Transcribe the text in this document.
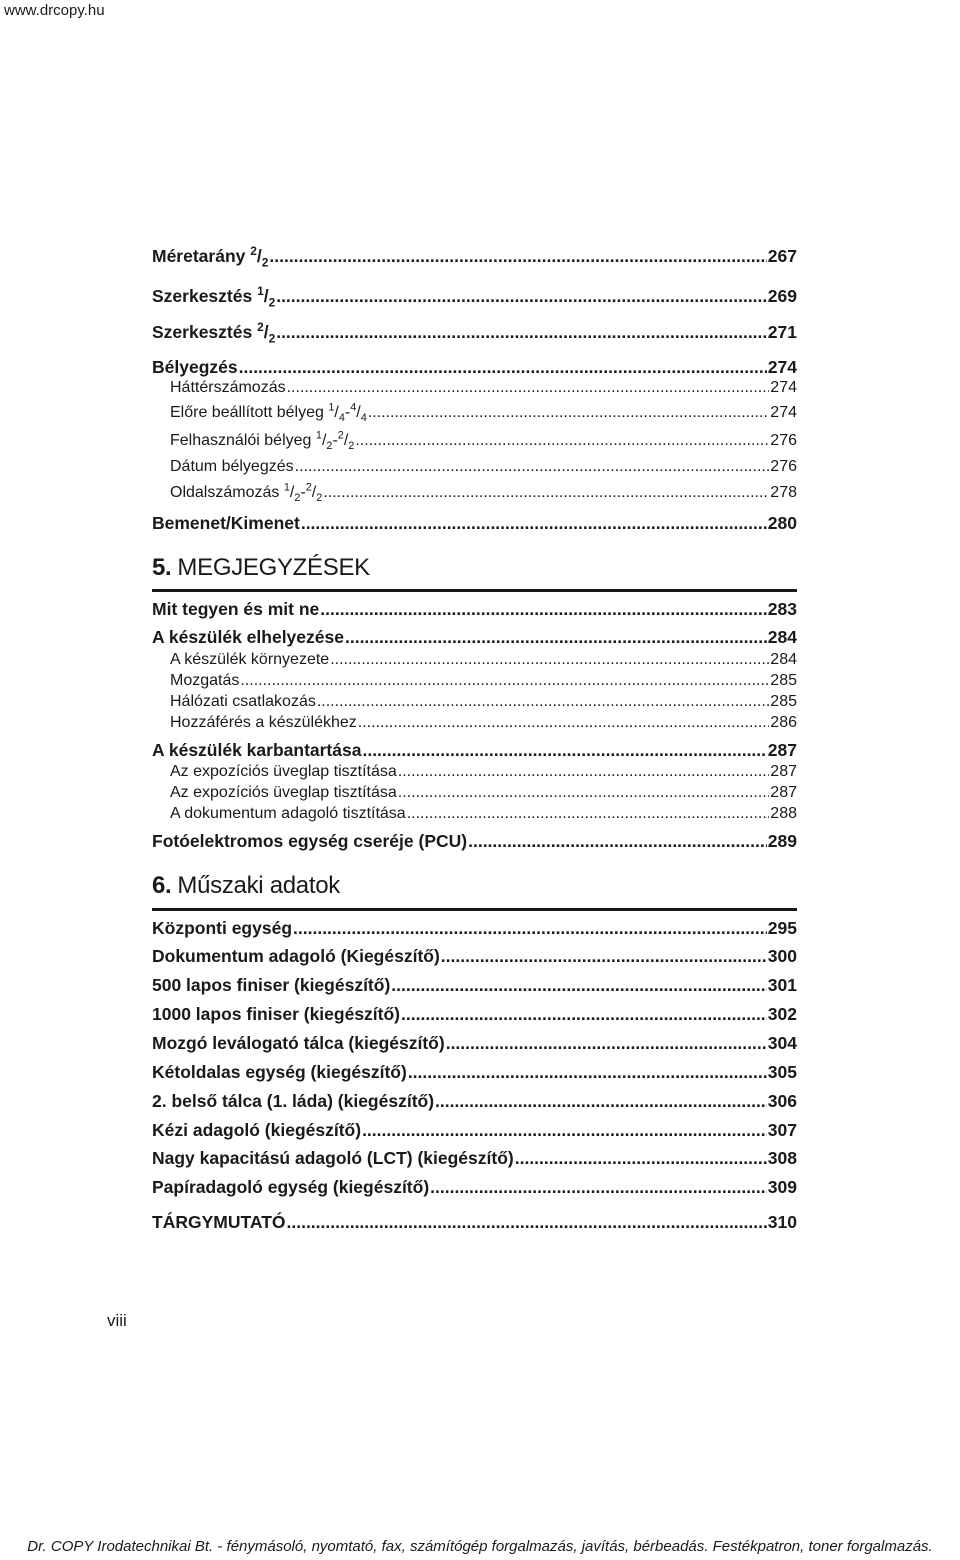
www.drcopy.hu
Méretarány $^2/_2$ .....	267
Szerkesztés $^1/_2$ .....	269
Szerkesztés $^2/_2$ .....	271
Bélyegzés .....	274
Háttérszámozás .....	274
Előre beállított bélyeg $^1/_4-^4/_4$ .....	274
Felhasználói bélyeg $^1/_2-^2/_2$ .....	276
Dátum bélyegzés .....	276
Oldalszámozás $^1/_2-^2/_2$ .....	278
Bemenet/Kimenet .....	280
5. MEGJEGYZÉSEK
Mit tegyen és mit ne .....	283
A készülék elhelyezése .....	284
A készülék környezete .....	284
Mozgatás .....	285
Hálózati csatlakozás .....	285
Hozzáférés a készülékhez .....	286
A készülék karbantartása .....	287
Az expozíciós üveglap tisztítása .....	287
Az expozíciós üveglap tisztítása .....	287
A dokumentum adagoló tisztítása .....	288
Fotóelektromos egység cseréje (PCU) .....	289
6. Műszaki adatok
Központi egység .....	295
Dokumentum adagoló (Kiegészítő) .....	300
500 lapos finiser (kiegészítő) .....	301
1000 lapos finiser (kiegészítő) .....	302
Mozgó leválogató tálca (kiegészítő) .....	304
Kétoldalas egység (kiegészítő) .....	305
2. belső tálca (1. láda) (kiegészítő) .....	306
Kézi adagoló (kiegészítő) .....	307
Nagy kapacitású adagoló (LCT) (kiegészítő) .....	308
Papíradagoló egység (kiegészítő) .....	309
TÁRGYMUTATÓ .....	310
viii
Dr. COPY Irodatechnikai Bt. - fénymásoló, nyomtató, fax, számítógép forgalmazás, javítás, bérbeadás. Festékpatron, toner forgalmazás.
